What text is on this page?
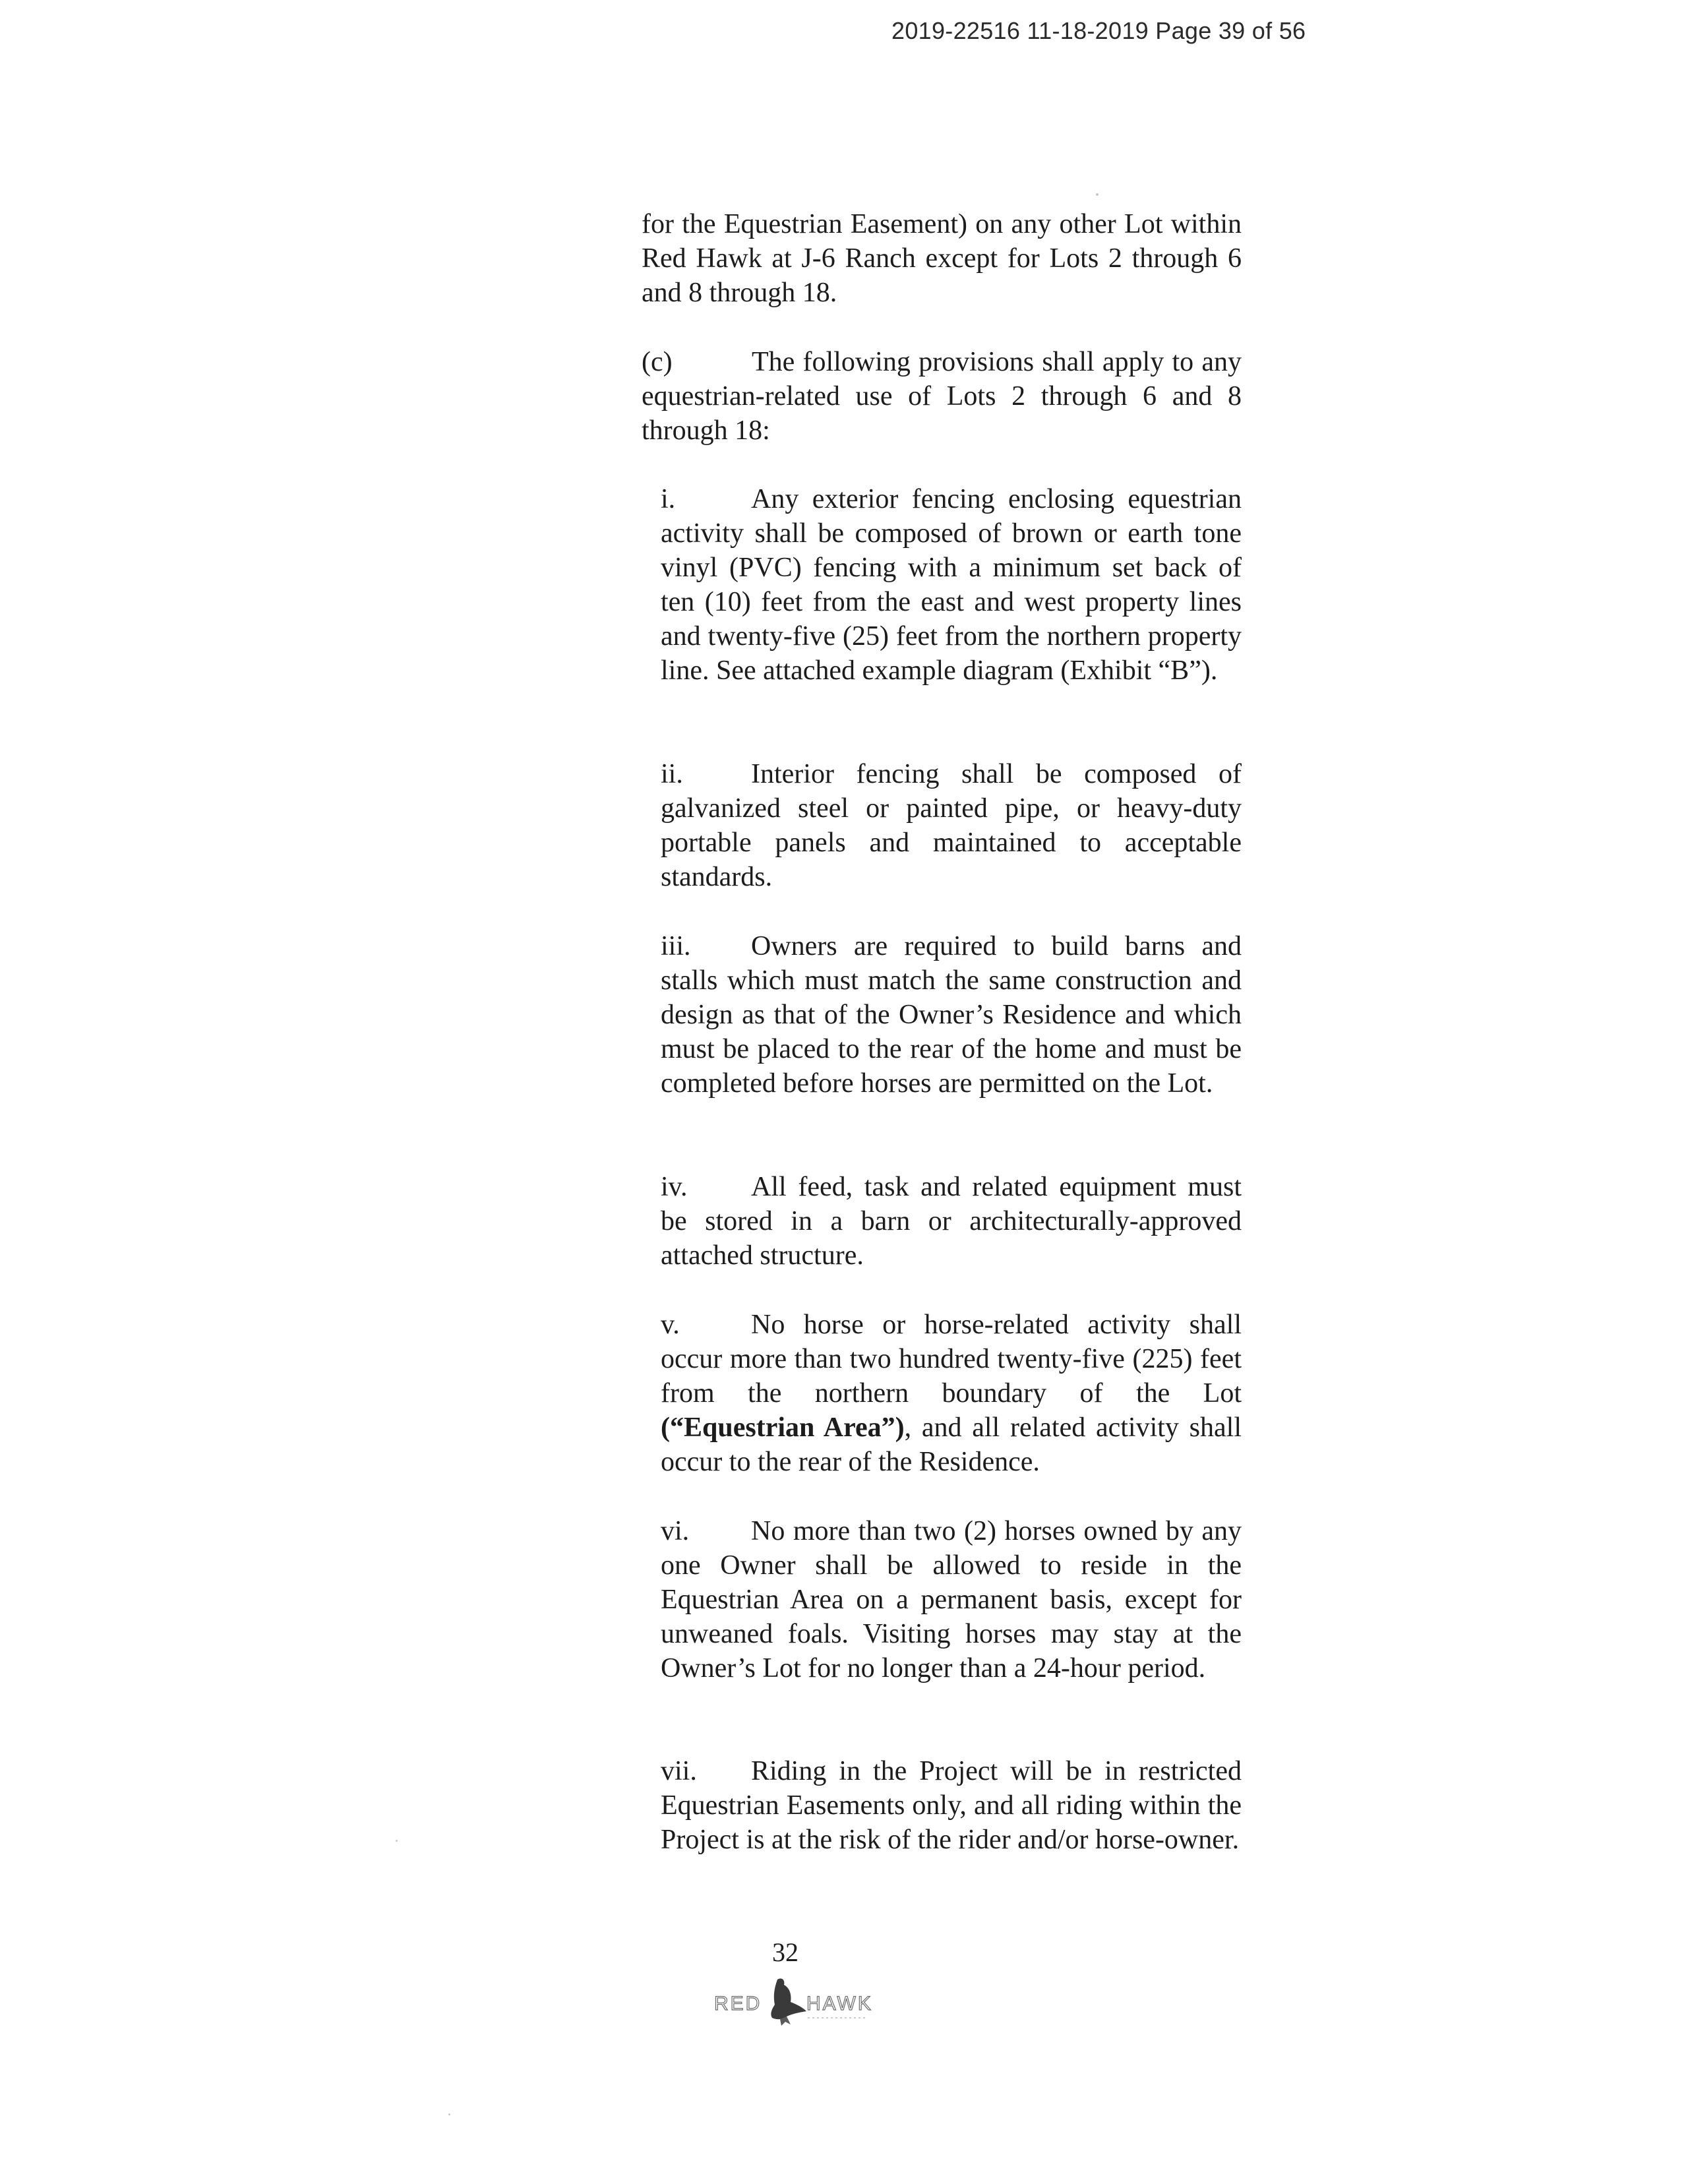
2019-22516 11-18-2019 Page 39 of 56
for the Equestrian Easement) on any other Lot within Red Hawk at J-6 Ranch except for Lots 2 through 6 and 8 through 18.
(c)	The following provisions shall apply to any equestrian-related use of Lots 2 through 6 and 8 through 18:
i.	Any exterior fencing enclosing equestrian activity shall be composed of brown or earth tone vinyl (PVC) fencing with a minimum set back of ten (10) feet from the east and west property lines and twenty-five (25) feet from the northern property line. See attached example diagram (Exhibit “B”).
ii. Interior fencing shall be composed of galvanized steel or painted pipe, or heavy-duty portable panels and maintained to acceptable standards.
iii. Owners are required to build barns and stalls which must match the same construction and design as that of the Owner’s Residence and which must be placed to the rear of the home and must be completed before horses are permitted on the Lot.
iv. All feed, task and related equipment must be stored in a barn or architecturally-approved attached structure.
v.	No horse or horse-related activity shall occur more than two hundred twenty-five (225) feet from the northern boundary of the Lot (“Equestrian Area”), and all related activity shall occur to the rear of the Residence.
vi. No more than two (2) horses owned by any one Owner shall be allowed to reside in the Equestrian Area on a permanent basis, except for unweaned foals. Visiting horses may stay at the Owner’s Lot for no longer than a 24-hour period.
vii. Riding in the Project will be in restricted Equestrian Easements only, and all riding within the Project is at the risk of the rider and/or horse-owner.
32
RED HAWK
